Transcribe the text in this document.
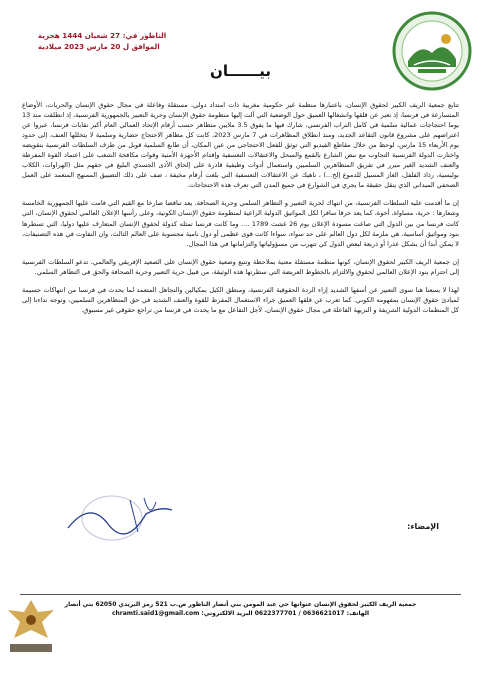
الناظور في: 27 شعبان 1444 هجرية
الموافق ل 20 مارس 2023 ميلادية
بيــــــان

تتابع جمعية الريف الكبير لحقوق الإنسان، باعتبارها منظمة غير حكومية مغربية ذات امتداد دولي، مستقلة وفاعلة في مجال حقوق الإنسان والحريات، الأوضاع المتسارعة في فرنسا، إذ تعبر عن قلقها وانشغالها العميق حول الوضعية التي آلت إليها منظومة حقوق الإنسان وحرية التعبير بالجمهورية الفرنسية، إذ انطلقت منذ 13 يوما احتجاجات عمالية سلمية في كامل التراب الفرنسي، شارك فيها ما يفوق 3.5 ملايين متظاهر حسب أرقام الإتحاد العمالي العام أكبر نقابات فرنسا، عبروا عن اعتراضهم على مشروع قانون التقاعد الجديد، ومنذ انطلاق المظاهرات في 7 مارس 2023، كانت كل مظاهر الاحتجاج حضارية وسلمية لا يتخللها العنف، إلى حدود يوم الأربعاء 15 مارس، لوحظ من خلال مقاطع الفيديو التي توثق للفعل الاحتجاجي من عين المكان، أن طابع السلمية قوبل من طرف السلطات الفرنسية بتقويضه واختارت الدولة الفرنسية التجاوب مع نبض الشارع بالقمع والسحل والاعتقالات التعسفية وإقدام الأجهزة الأمنية وقوات مكافحة الشغب على اعتماد القوة المفرطة والعنف الشديد الغير مبرر في تفريق المتظاهرين السلميين واستعمال أدوات وظيفية قادرة على إلحاق الأذى الجسدي البليغ في حقهم مثل (الهراوات، الكلاب بوليسية، رذاذ الفلفل، الغاز المسيل للدموع إلخ...) ، ناهيك عن الاعتقالات التعسفية التي بلغت أرقام مخيفة ، ضف على ذلك التضييق الممنهج المتعمد على العمل الصحفي الميداني الذي ينقل حقيقة ما يجري في الشوارع في جميع المدن التي تعرف هذه الاحتجاجات.

إن ما أقدمت عليه السلطات الفرنسية، من انتهاك لحرية التعبير و التظاهر السلمي وحرية الصحافة، يعد تناقضا صارخا مع القيم التي قامت عليها الجمهورية الخامسة وشعارها : حرية، مساواة، أخوة، كما يعد خرقا سافرا لكل المواثيق الدولية الراعية لمنظومة حقوق الإنسان الكونية، وعلى رأسها الإعلان العالمي لحقوق الإنسان، التي كانت فرنسا من بين الدول التي صاغت مسودة الإعلان يوم 26 غشت 1789 .... وما كانت فرنسا تمثله كدولة لحقوق الإنسان المتعارف عليها دوليا، التي تسطرها بنود ومواثيق أساسية، هي ملزمة لكل دول العالم على حد سواء، سواءا كانت قوى عظمى أو دول نامية محسوبة على العالم الثالث، وان التفاوت في هذه التصنيفات، لا يمكن أبدا أن يشكل عذرا أو ذريعة لبعض الدول كي تتهرب من مسؤولياتها والتزاماتها في هذا المجال.

إن جمعية الريف الكبير لحقوق الإنسان، كونها منظمة مستقلة معنية بملاحظة وتتبع وضعية حقوق الإنسان على الصعيد الإفريقي والعالمي، تدعو السلطات الفرنسية إلى احترام بنود الإعلان العالمي لحقوق والالتزام بالخطوط العريضة التي سطرتها هذه الوثيقة، من قبيل حرية التعبير وحرية الصحافة والحق في التظاهر السلمي.

لهذا لا يسعنا هنا سوى التعبير عن أسفها الشديد إزاء الردة الحقوقية الفرنسية، ومنطق الكيل بمكيالين والتجاهل المتعمد لما يحدث في فرنسا من انتهاكات جسيمة لمبادئ حقوق الإنسان بمفهومه الكوني. كما تعرب عن قلقها العميق جراء الاستعمال المفرط للقوة والعنف الشديد في حق المتظاهرين السلميين، ونوجه نداءنا إلى كل المنظمات الدولية الشريفة و النزيهة الفاعلة في مجال حقوق الإنسان، لأجل التفاعل مع ما يحدث في فرنسا من تراجع حقوقي غير مسبوق.

الإمضاء:
جمعية الريف الكبير لحقوق الإنسان عنوانها حي عبد المومن بني أنصار الناظور ص.ب 521 رمز البريدي 62050 بني أنصار
الهاتف: 0636621017 / 0622377701 البريد الالكتروني: chramti.said1@gmail.com
